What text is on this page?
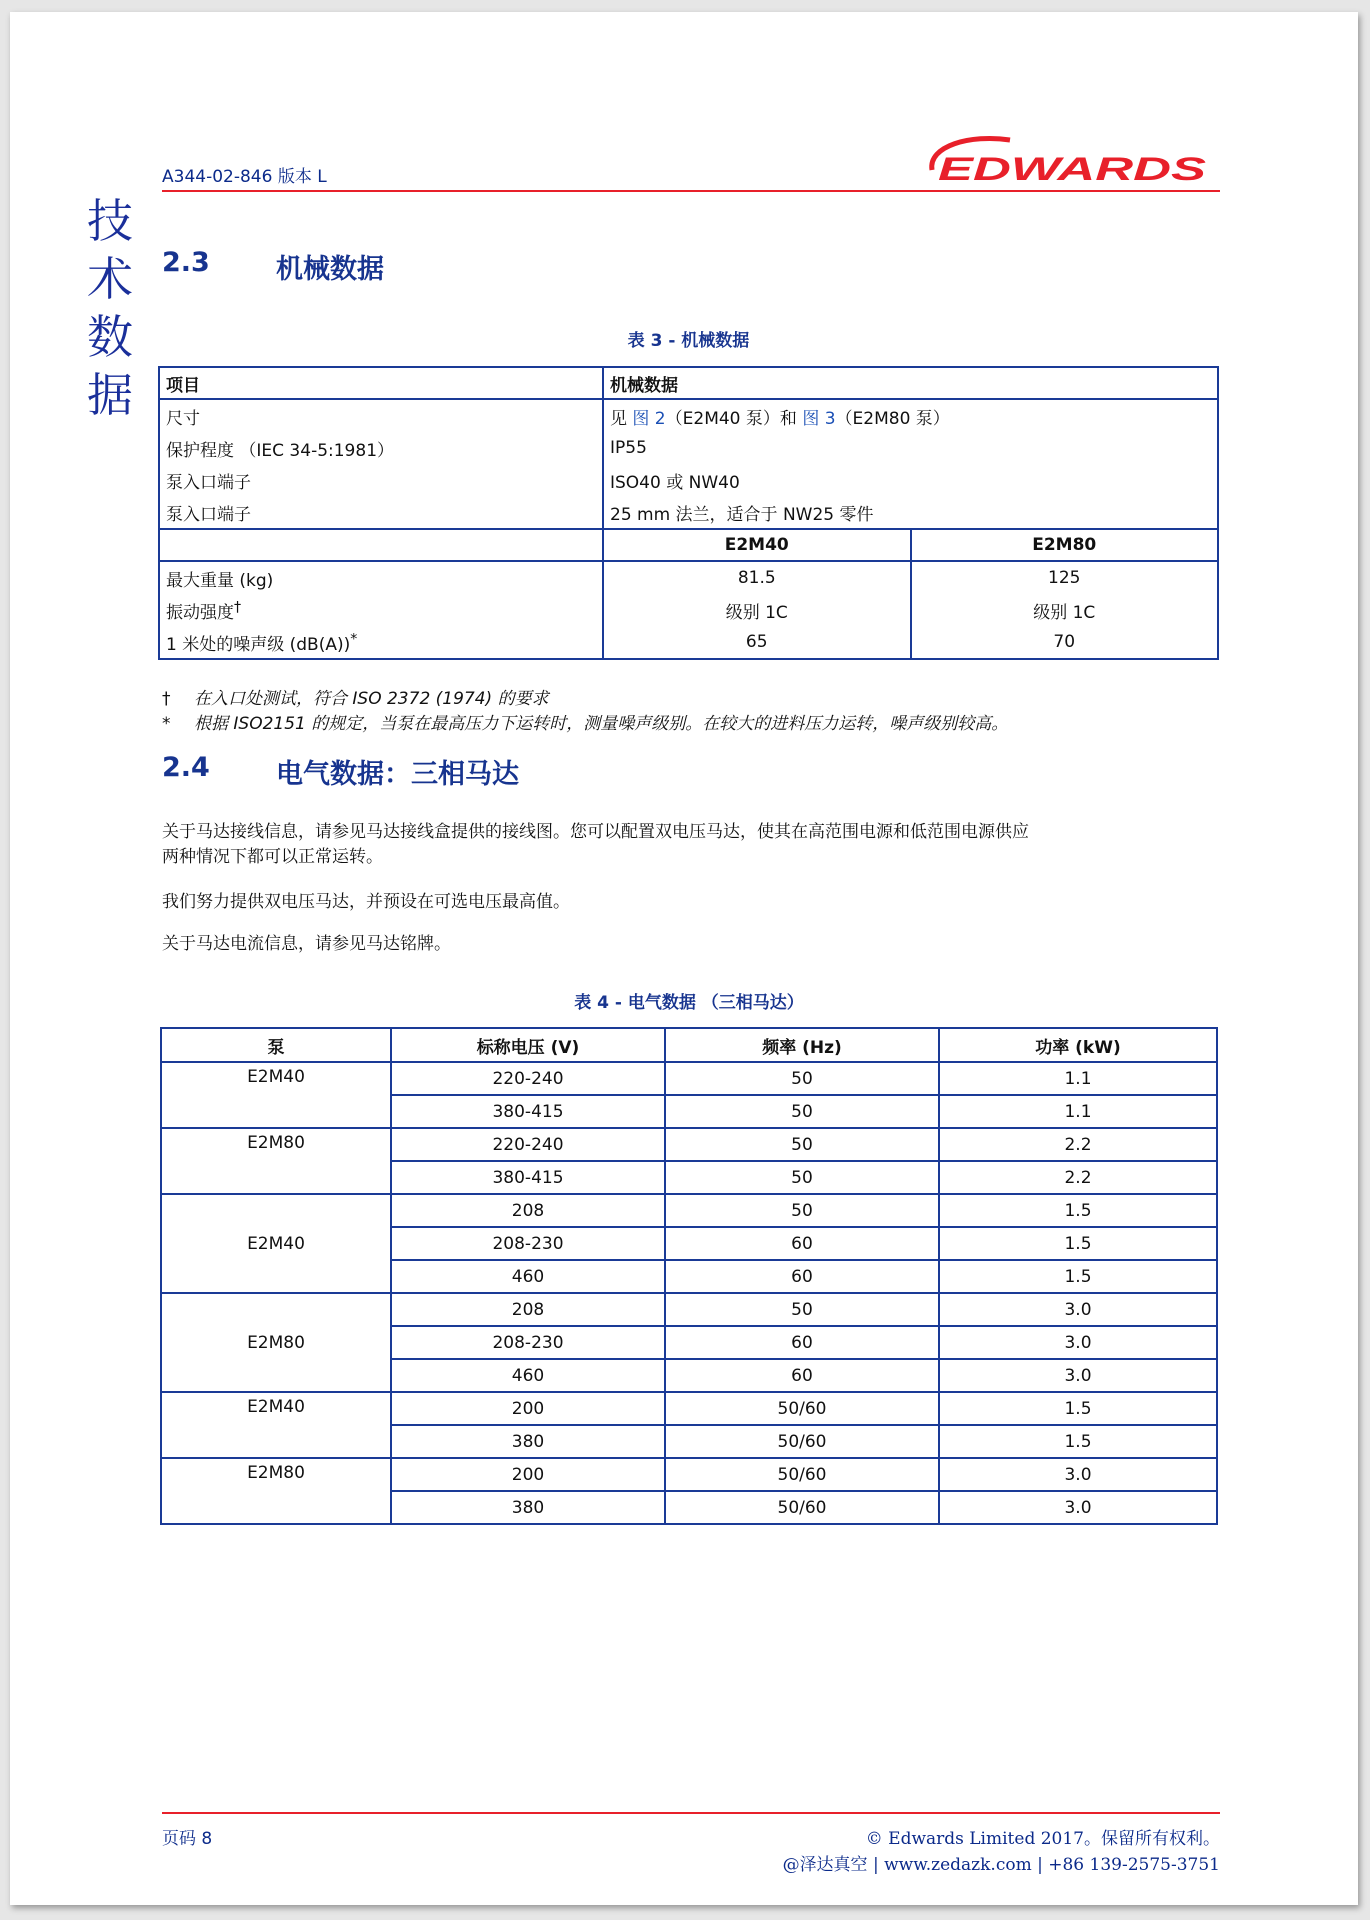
A344-02-846 版本 L	EDWARDS
技术数据
2.3 机械数据
表 3 - 机械数据
项目	机械数据	
尺寸	见 图 2（E2M40 泵）和 图 3（E2M80 泵）	
保护程度 （IEC 34-5:1981）	IP55	
泵入口端子	ISO40 或 NW40	
泵入口端子	25 mm 法兰，适合于 NW25 零件	
	E2M40	E2M80
最大重量 (kg)	81.5	125
振动强度†	级别 1C	级别 1C
1 米处的噪声级 (dB(A))*	65	70
† 在入口处测试，符合 ISO 2372 (1974) 的要求
* 根据 ISO2151 的规定，当泵在最高压力下运转时，测量噪声级别。在较大的进料压力运转，噪声级别较高。
2.4 电气数据：三相马达
关于马达接线信息，请参见马达接线盒提供的接线图。您可以配置双电压马达，使其在高范围电源和低范围电源供应
两种情况下都可以正常运转。
我们努力提供双电压马达，并预设在可选电压最高值。
关于马达电流信息，请参见马达铭牌。
表 4 - 电气数据 （三相马达）
泵	标称电压 (V)	频率 (Hz)	功率 (kW)
E2M40	220-240	50	1.1
	380-415	50	1.1
E2M80	220-240	50	2.2
	380-415	50	2.2
E2M40	208	50	1.5
	208-230	60	1.5
	460	60	1.5
E2M80	208	50	3.0
	208-230	60	3.0
	460	60	3.0
E2M40	200	50/60	1.5
	380	50/60	1.5
E2M80	200	50/60	3.0
	380	50/60	3.0
页码 8	© Edwards Limited 2017。保留所有权利。
@泽达真空 | www.zedazk.com | +86 139-2575-3751
